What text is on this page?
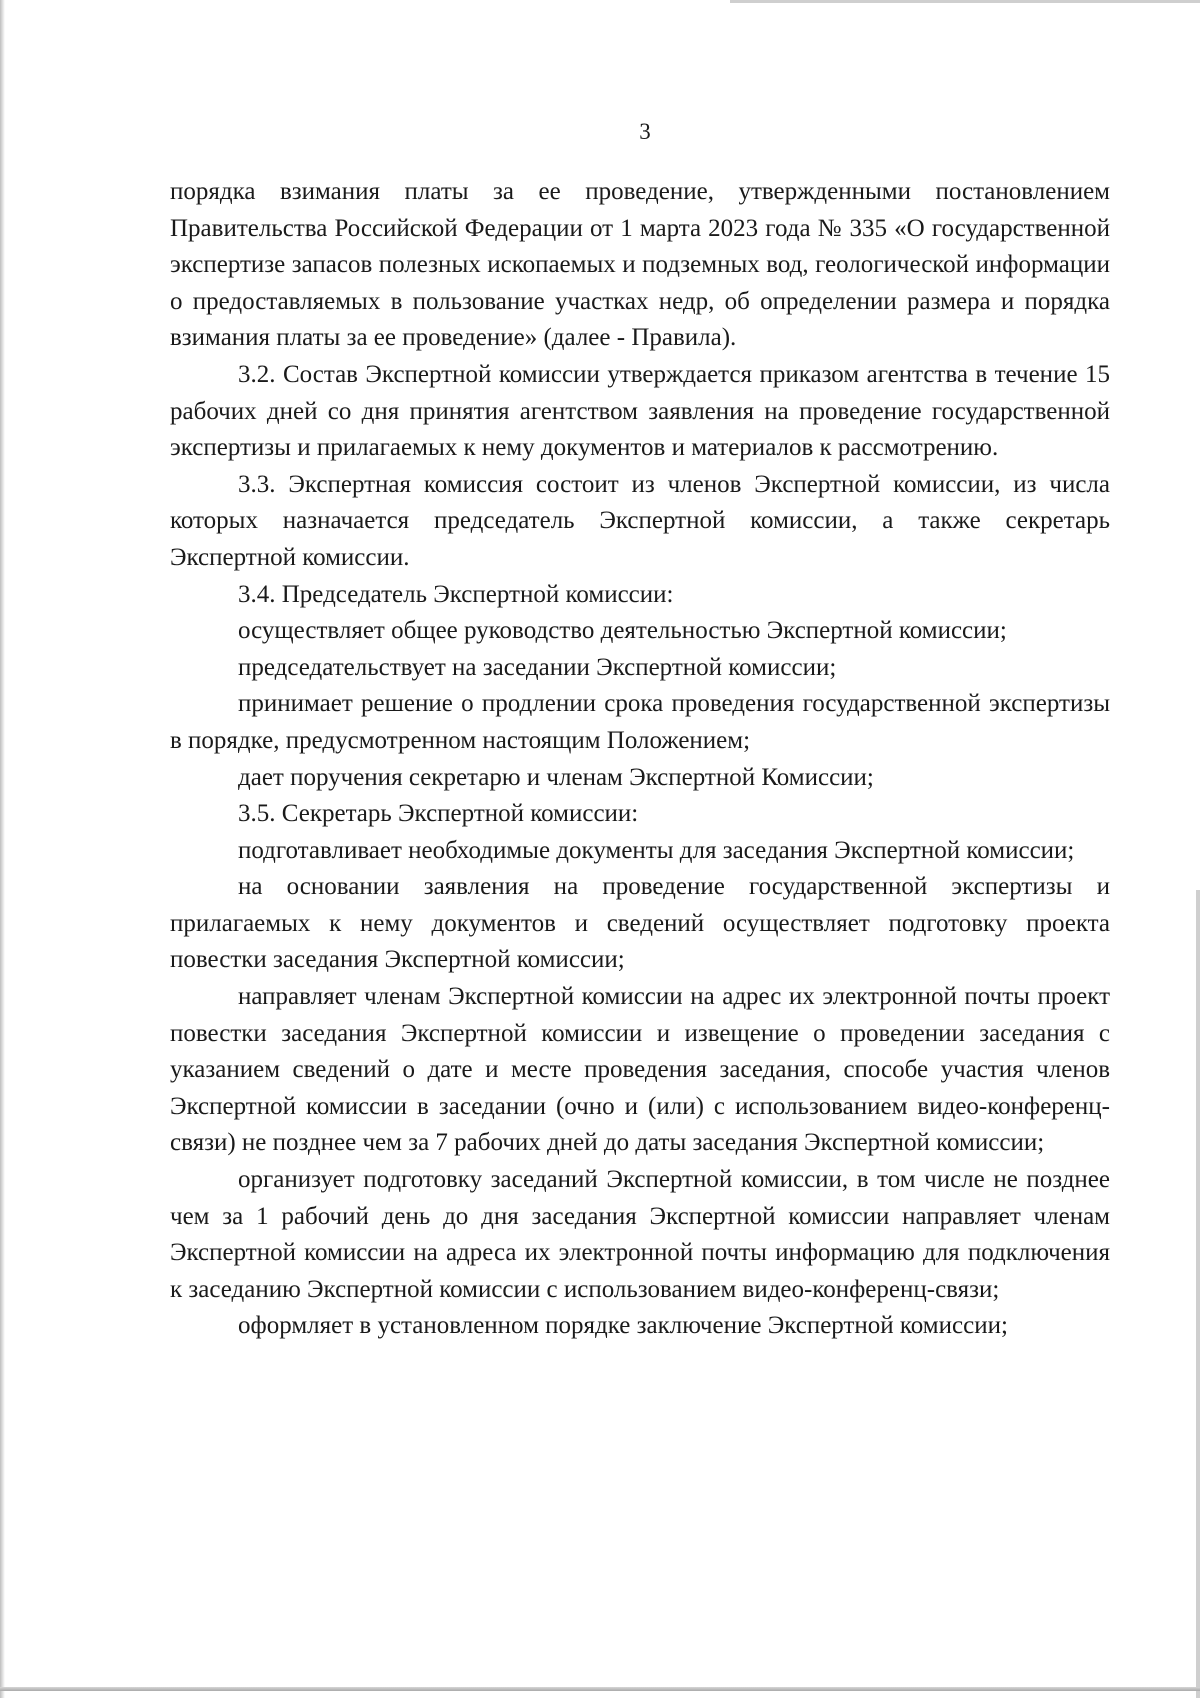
3

порядка взимания платы за ее проведение, утвержденными постановлением Правительства Российской Федерации от 1 марта 2023 года № 335 «О государственной экспертизе запасов полезных ископаемых и подземных вод, геологической информации о предоставляемых в пользование участках недр, об определении размера и порядка взимания платы за ее проведение» (далее - Правила).

3.2. Состав Экспертной комиссии утверждается приказом агентства в течение 15 рабочих дней со дня принятия агентством заявления на проведение государственной экспертизы и прилагаемых к нему документов и материалов к рассмотрению.

3.3. Экспертная комиссия состоит из членов Экспертной комиссии, из числа которых назначается председатель Экспертной комиссии, а также секретарь Экспертной комиссии.

3.4. Председатель Экспертной комиссии:

осуществляет общее руководство деятельностью Экспертной комиссии;

председательствует на заседании Экспертной комиссии;

принимает решение о продлении срока проведения государственной экспертизы в порядке, предусмотренном настоящим Положением;

дает поручения секретарю и членам Экспертной Комиссии;

3.5. Секретарь Экспертной комиссии:

подготавливает необходимые документы для заседания Экспертной комиссии;

на основании заявления на проведение государственной экспертизы и прилагаемых к нему документов и сведений осуществляет подготовку проекта повестки заседания Экспертной комиссии;

направляет членам Экспертной комиссии на адрес их электронной почты проект повестки заседания Экспертной комиссии и извещение о проведении заседания с указанием сведений о дате и месте проведения заседания, способе участия членов Экспертной комиссии в заседании (очно и (или) с использованием видео-конференц-связи) не позднее чем за 7 рабочих дней до даты заседания Экспертной комиссии;

организует подготовку заседаний Экспертной комиссии, в том числе не позднее чем за 1 рабочий день до дня заседания Экспертной комиссии направляет членам Экспертной комиссии на адреса их электронной почты информацию для подключения к заседанию Экспертной комиссии с использованием видео-конференц-связи;

оформляет в установленном порядке заключение Экспертной комиссии;
